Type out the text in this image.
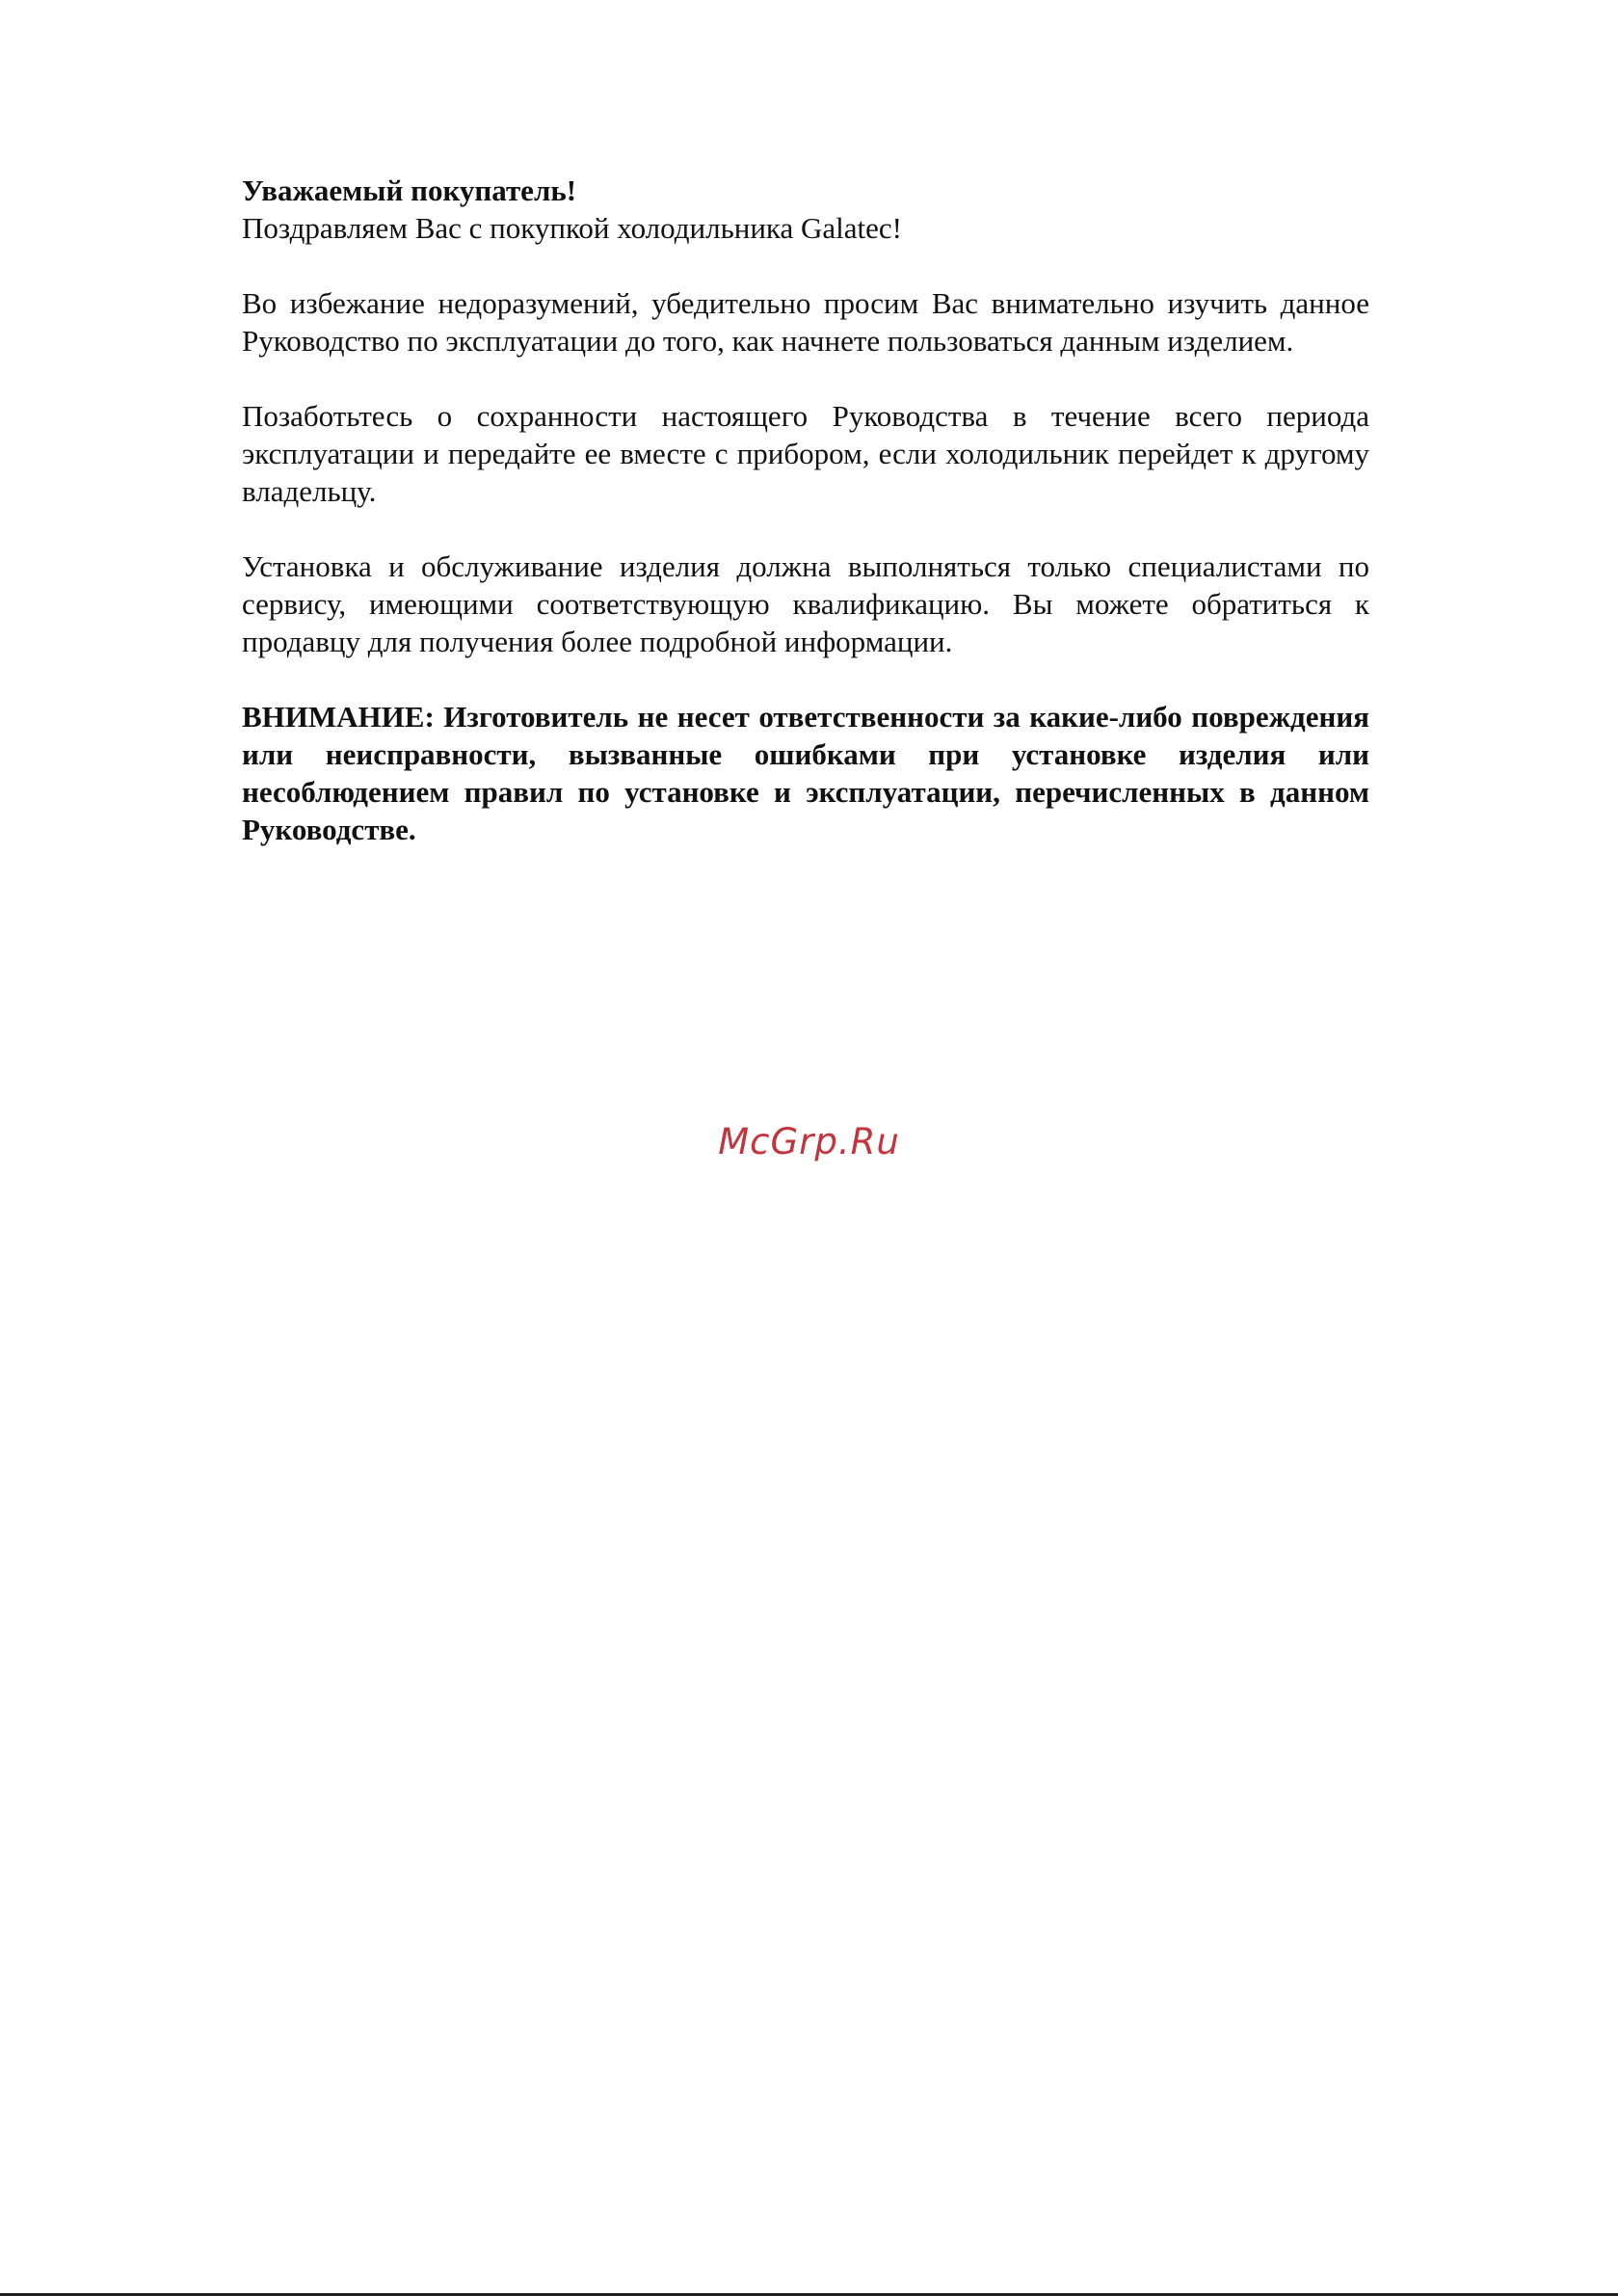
Уважаемый покупатель!

Поздравляем Вас с покупкой холодильника Galatec!

Во избежание недоразумений, убедительно просим Вас внимательно изучить данное Руководство по эксплуатации до того, как начнете пользоваться данным изделием.

Позаботьтесь о сохранности настоящего Руководства в течение всего периода эксплуатации и передайте ее вместе с прибором, если холодильник перейдет к другому владельцу.

Установка и обслуживание изделия должна выполняться только специалистами по сервису, имеющими соответствующую квалификацию. Вы можете обратиться к продавцу для получения более подробной информации.

ВНИМАНИЕ: Изготовитель не несет ответственности за какие-либо повреждения или неисправности, вызванные ошибками при установке изделия или несоблюдением правил по установке и эксплуатации, перечисленных в данном Руководстве.

McGrp.Ru
